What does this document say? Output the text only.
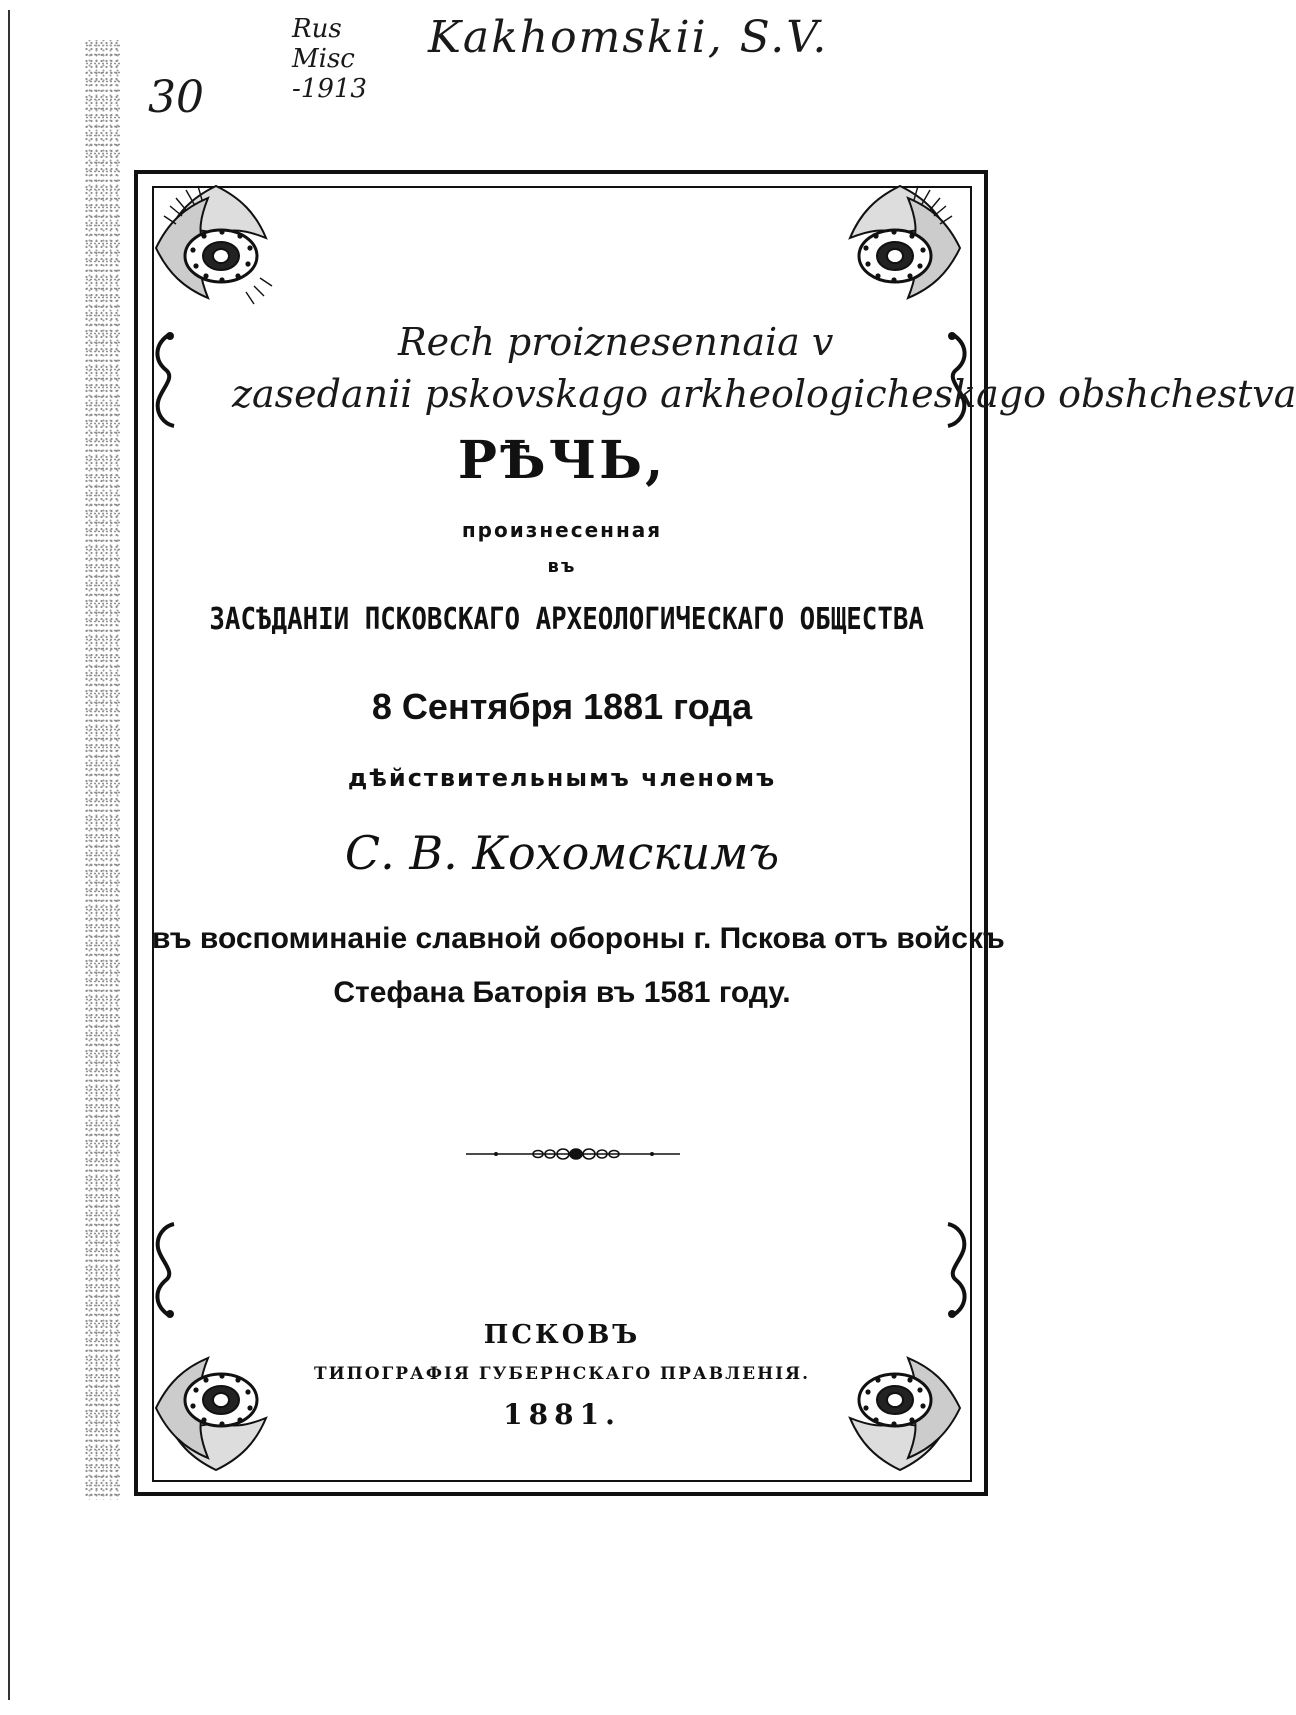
Rus
Misc
-1913
Kakhomskii, S.V.
30
Rech proiznesennaia v
zasedanii pskovskago arkheologicheskago obshchestva
РѢЧЬ,
произнесенная
въ
ЗАСѢДАНІИ ПСКОВСКАГО АРХЕОЛОГИЧЕСКАГО ОБЩЕСТВА
8 Сентября 1881 года
дѣйствительнымъ членомъ
С. В. Кохомскимъ
въ воспоминаніе славной обороны г. Пскова отъ войскъ
Стефана Баторія въ 1581 году.
ПСКОВЪ
ТИПОГРАФІЯ ГУБЕРНСКАГО ПРАВЛЕНІЯ.
1881.
